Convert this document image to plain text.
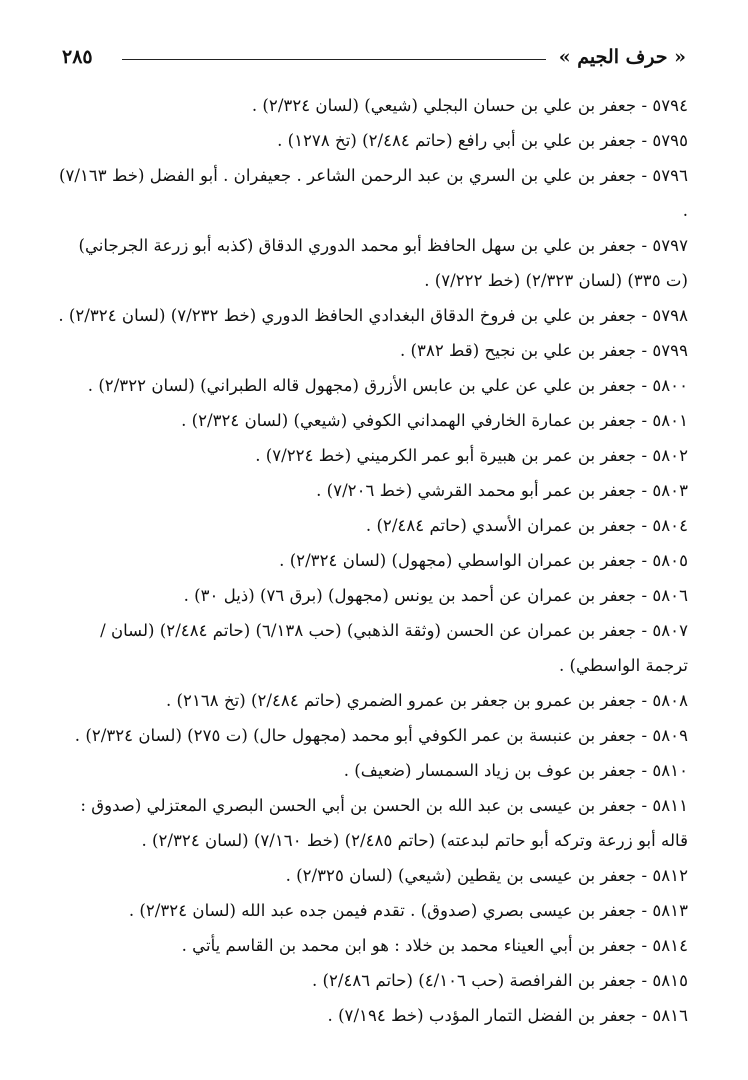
« حرف الجيم »
٢٨٥

٥٧٩٤ - جعفر بن علي بن حسان البجلي (شيعي) (لسان ٢/٣٢٤) .

٥٧٩٥ - جعفر بن علي بن أبي رافع (حاتم ٢/٤٨٤) (تخ ١٢٧٨) .

٥٧٩٦ - جعفر بن علي بن السري بن عبد الرحمن الشاعر . جعيفران . أبو الفضل (خط ٧/١٦٣) .

٥٧٩٧ - جعفر بن علي بن سهل الحافظ أبو محمد الدوري الدقاق (كذبه أبو زرعة الجرجاني) (ت ٣٣٥) (لسان ٢/٣٢٣) (خط ٧/٢٢٢) .

٥٧٩٨ - جعفر بن علي بن فروخ الدقاق البغدادي الحافظ الدوري (خط ٧/٢٣٢) (لسان ٢/٣٢٤) .

٥٧٩٩ - جعفر بن علي بن نجيح (قط ٣٨٢) .

٥٨٠٠ - جعفر بن علي عن علي بن عابس الأزرق (مجهول قاله الطبراني) (لسان ٢/٣٢٢) .

٥٨٠١ - جعفر بن عمارة الخارفي الهمداني الكوفي (شيعي) (لسان ٢/٣٢٤) .

٥٨٠٢ - جعفر بن عمر بن هبيرة أبو عمر الكرميني (خط ٧/٢٢٤) .

٥٨٠٣ - جعفر بن عمر أبو محمد القرشي (خط ٧/٢٠٦) .

٥٨٠٤ - جعفر بن عمران الأسدي (حاتم ٢/٤٨٤) .

٥٨٠٥ - جعفر بن عمران الواسطي (مجهول) (لسان ٢/٣٢٤) .

٥٨٠٦ - جعفر بن عمران عن أحمد بن يونس (مجهول) (برق ٧٦) (ذيل ٣٠) .

٥٨٠٧ - جعفر بن عمران عن الحسن (وثقة الذهبي) (حب ٦/١٣٨) (حاتم ٢/٤٨٤) (لسان / ترجمة الواسطي) .

٥٨٠٨ - جعفر بن عمرو بن جعفر بن عمرو الضمري (حاتم ٢/٤٨٤) (تخ ٢١٦٨) .

٥٨٠٩ - جعفر بن عنبسة بن عمر الكوفي أبو محمد (مجهول حال) (ت ٢٧٥) (لسان ٢/٣٢٤) .

٥٨١٠ - جعفر بن عوف بن زياد السمسار (ضعيف) .

٥٨١١ - جعفر بن عيسى بن عبد الله بن الحسن بن أبي الحسن البصري المعتزلي (صدوق : قاله أبو زرعة وتركه أبو حاتم لبدعته) (حاتم ٢/٤٨٥) (خط ٧/١٦٠) (لسان ٢/٣٢٤) .

٥٨١٢ - جعفر بن عيسى بن يقطين (شيعي) (لسان ٢/٣٢٥) .

٥٨١٣ - جعفر بن عيسى بصري (صدوق) . تقدم فيمن جده عبد الله (لسان ٢/٣٢٤) .

٥٨١٤ - جعفر بن أبي العيناء محمد بن خلاد : هو ابن محمد بن القاسم يأتي .

٥٨١٥ - جعفر بن الفرافصة (حب ٤/١٠٦) (حاتم ٢/٤٨٦) .

٥٨١٦ - جعفر بن الفضل التمار المؤدب (خط ٧/١٩٤) .
